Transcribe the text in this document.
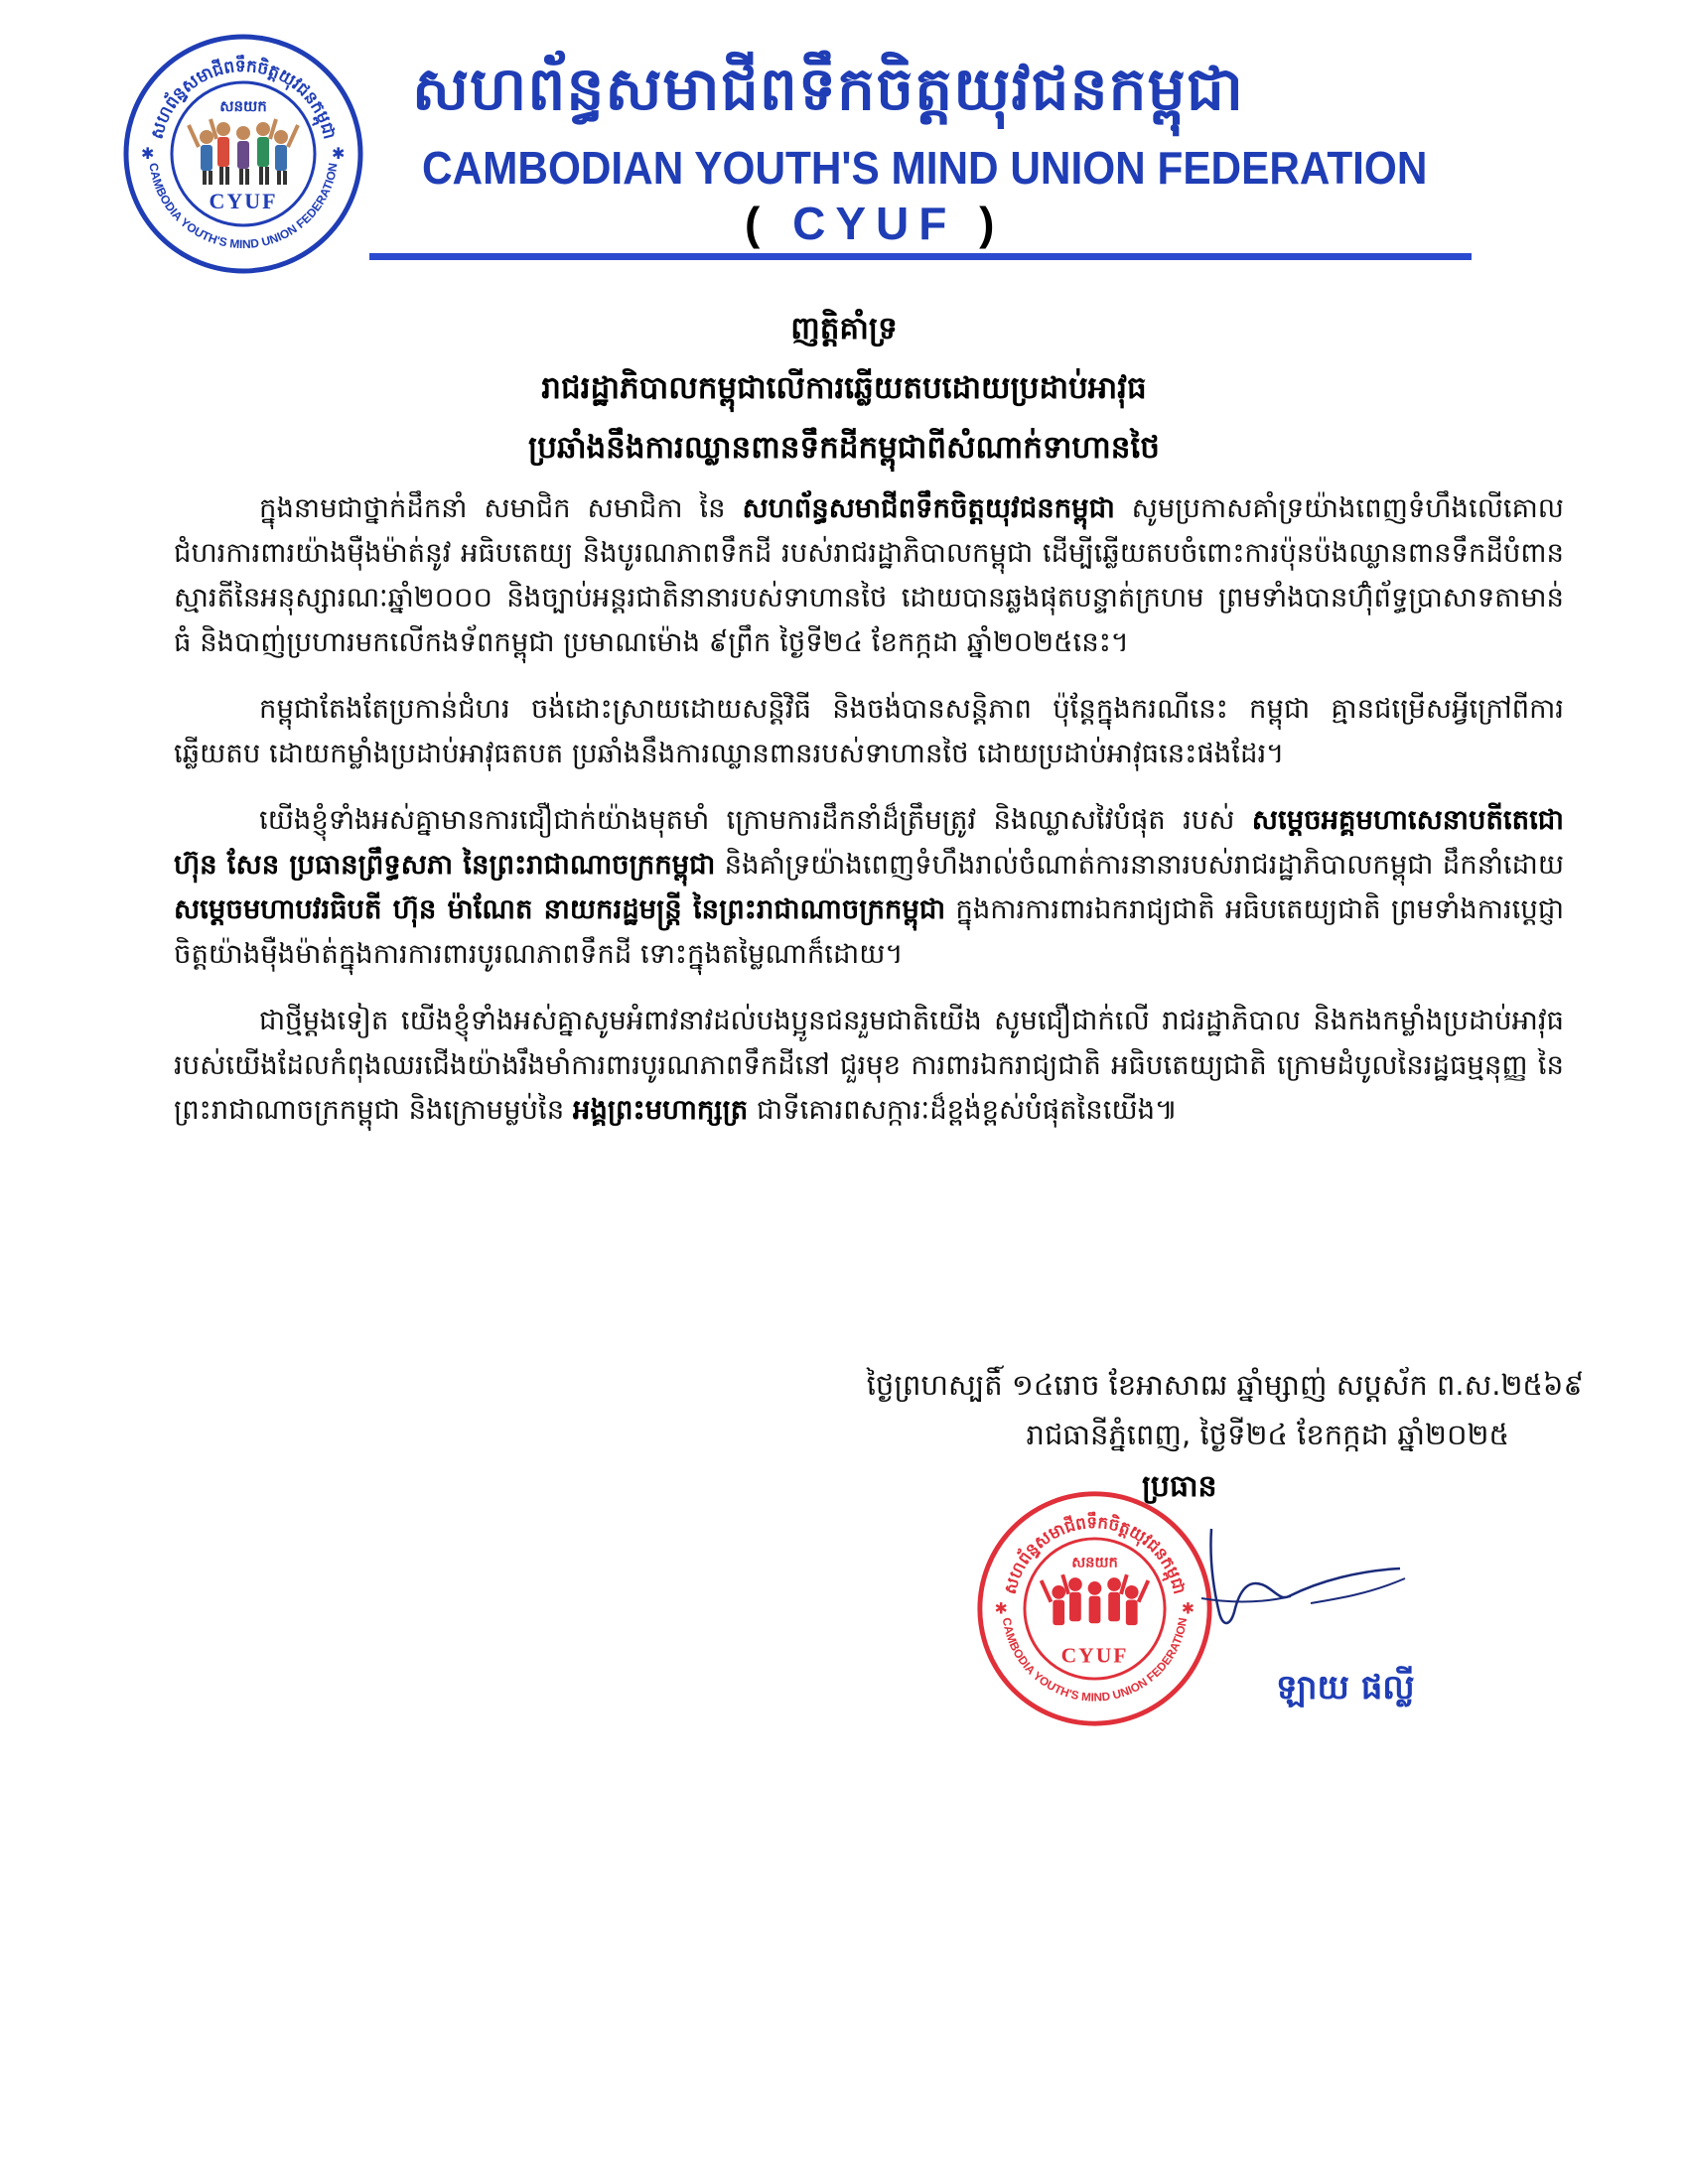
សហព័ន្ធសមាជីពទឹកចិត្តយុវជនកម្ពុជា
CAMBODIA YOUTH'S MIND UNION FEDERATION
✱	✱
សនយក
CYUF
សហព័ន្ធសមាជីពទឹកចិត្តយុវជនកម្ពុជា
CAMBODIAN YOUTH'S MIND UNION FEDERATION
( CYUF )
ញត្តិគាំទ្រ
រាជរដ្ឋាភិបាលកម្ពុជាលើការឆ្លើយតបដោយប្រដាប់អាវុធ
ប្រឆាំងនឹងការឈ្លានពានទឹកដីកម្ពុជាពីសំណាក់ទាហានថៃ

ក្នុងនាមជាថ្នាក់ដឹកនាំ សមាជិក សមាជិកា នៃ សហព័ន្ធសមាជីពទឹកចិត្តយុវជនកម្ពុជា សូមប្រកាសគាំទ្រយ៉ាងពេញទំហឹងលើគោលជំហរការពារយ៉ាងម៉ឺងម៉ាត់នូវ អធិបតេយ្យ និងបូរណភាពទឹកដី របស់រាជរដ្ឋាភិបាលកម្ពុជា ដើម្បីឆ្លើយតបចំពោះការប៉ុនប៉ងឈ្លានពានទឹកដីបំពានស្មារតីនៃអនុស្សារណៈឆ្នាំ២០០០ និងច្បាប់អន្តរជាតិនានារបស់ទាហានថៃ ដោយបានឆ្លងផុតបន្ទាត់ក្រហម ព្រមទាំងបានហ៊ុំព័ទ្ធប្រាសាទតាមាន់ធំ និងបាញ់ប្រហារមកលើកងទ័ពកម្ពុជា ប្រមាណម៉ោង ៩ព្រឹក ថ្ងៃទី២៤ ខែកក្កដា ឆ្នាំ២០២៥នេះ។

កម្ពុជាតែងតែប្រកាន់ជំហរ ចង់ដោះស្រាយដោយសន្តិវិធី និងចង់បានសន្តិភាព ប៉ុន្តែក្នុងករណីនេះ កម្ពុជា គ្មានជម្រើសអ្វីក្រៅពីការឆ្លើយតប ដោយកម្លាំងប្រដាប់អាវុធតបត ប្រឆាំងនឹងការឈ្លានពានរបស់ទាហានថៃ ដោយប្រដាប់អាវុធនេះផងដែរ។

យើងខ្ញុំទាំងអស់គ្នាមានការជឿជាក់យ៉ាងមុតមាំ ក្រោមការដឹកនាំដ៏ត្រឹមត្រូវ និងឈ្លាសវៃបំផុត របស់ សម្តេចអគ្គមហាសេនាបតីតេជោ ហ៊ុន សែន ប្រធានព្រឹទ្ធសភា នៃព្រះរាជាណាចក្រកម្ពុជា និងគាំទ្រយ៉ាងពេញទំហឹងរាល់ចំណាត់ការនានារបស់រាជរដ្ឋាភិបាលកម្ពុជា ដឹកនាំដោយ សម្តេចមហាបវរធិបតី ហ៊ុន ម៉ាណែត នាយករដ្ឋមន្ត្រី នៃព្រះរាជាណាចក្រកម្ពុជា ក្នុងការការពារឯករាជ្យជាតិ អធិបតេយ្យជាតិ ព្រមទាំងការប្តេជ្ញាចិត្តយ៉ាងម៉ឺងម៉ាត់ក្នុងការការពារបូរណភាពទឹកដី ទោះក្នុងតម្លៃណាក៏ដោយ។

ជាថ្មីម្តងទៀត យើងខ្ញុំទាំងអស់គ្នាសូមអំពាវនាវដល់បងប្អូនជនរួមជាតិយើង សូមជឿជាក់លើ រាជរដ្ឋាភិបាល និងកងកម្លាំងប្រដាប់អាវុធរបស់យើងដែលកំពុងឈរជើងយ៉ាងរឹងមាំការពារបូរណភាពទឹកដីនៅ ជួរមុខ ការពារឯករាជ្យជាតិ អធិបតេយ្យជាតិ ក្រោមដំបូលនៃរដ្ឋធម្មនុញ្ញ នៃព្រះរាជាណាចក្រកម្ពុជា និងក្រោមម្លប់នៃ អង្គព្រះមហាក្សត្រ ជាទីគោរពសក្ការៈដ៏ខ្ពង់ខ្ពស់បំផុតនៃយើង៕

ថ្ងៃព្រហស្បតិ៍ ១៤រោច ខែអាសាឍ ឆ្នាំម្សាញ់ សប្តស័ក ព.ស.២៥៦៩
រាជធានីភ្នំពេញ, ថ្ងៃទី២៤ ខែកក្កដា ឆ្នាំ២០២៥
ប្រធាន
សហព័ន្ធសមាជីពទឹកចិត្តយុវជនកម្ពុជា
CAMBODIA YOUTH'S MIND UNION FEDERATION
✱	✱
សនយក
CYUF
ឡាយ ផល្លី
